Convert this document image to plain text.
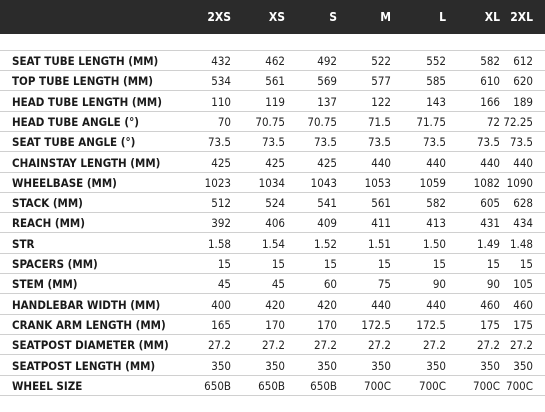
2XS	XS	S	M	L	XL 2XL
SEAT TUBE LENGTH (MM)	432	462	492	522	552	582	612
TOP TUBE LENGTH (MM)	534	561	569	577	585	610	620
HEAD TUBE LENGTH (MM)	110	119	137	122	143	166	189
HEAD TUBE ANGLE (°)	70	70.75	70.75	71.5	71.75	72 72.25
SEAT TUBE ANGLE (°)	73.5	73.5	73.5	73.5	73.5	73.5 73.5
CHAINSTAY LENGTH (MM)	425	425	425	440	440	440	440
WHEELBASE (MM)	1023	1034	1043	1053	1059	1082 1090
STACK (MM)	512	524	541	561	582	605	628
REACH (MM)	392	406	409	411	413	431	434
STR	1.58	1.54	1.52	1.51	1.50	1.49 1.48
SPACERS (MM)	15	15	15	15	15	15	15
STEM (MM)	45	45	60	75	90	90	105
HANDLEBAR WIDTH (MM)	400	420	420	440	440	460	460
CRANK ARM LENGTH (MM)	165	170	170	172.5	172.5	175	175
SEATPOST DIAMETER (MM)	27.2	27.2	27.2	27.2	27.2	27.2 27.2
SEATPOST LENGTH (MM)	350	350	350	350	350	350	350
WHEEL SIZE	650B	650B	650B	700C	700C	700C 700C
